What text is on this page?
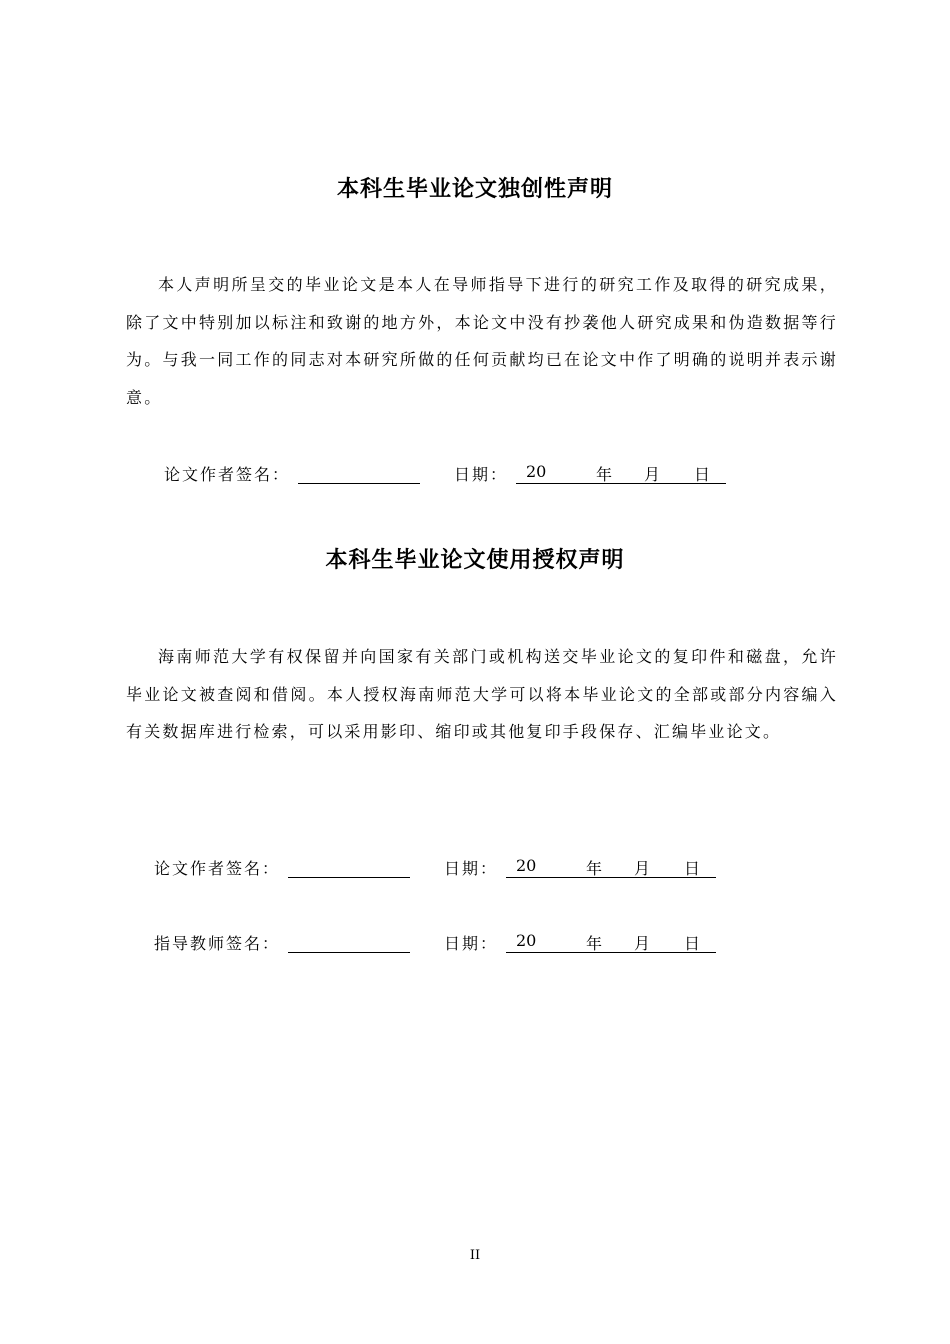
本科生毕业论文独创性声明

本人声明所呈交的毕业论文是本人在导师指导下进行的研究工作及取得的研究成果，除了文中特别加以标注和致谢的地方外，本论文中没有抄袭他人研究成果和伪造数据等行为。与我一同工作的同志对本研究所做的任何贡献均已在论文中作了明确的说明并表示谢意。

论文作者签名：	日期： 20	年 月 日
本科生毕业论文使用授权声明

海南师范大学有权保留并向国家有关部门或机构送交毕业论文的复印件和磁盘，允许毕业论文被查阅和借阅。本人授权海南师范大学可以将本毕业论文的全部或部分内容编入有关数据库进行检索，可以采用影印、缩印或其他复印手段保存、汇编毕业论文。

论文作者签名：	日期： 20	年 月 日
指导教师签名：	日期： 20	年 月 日
II
